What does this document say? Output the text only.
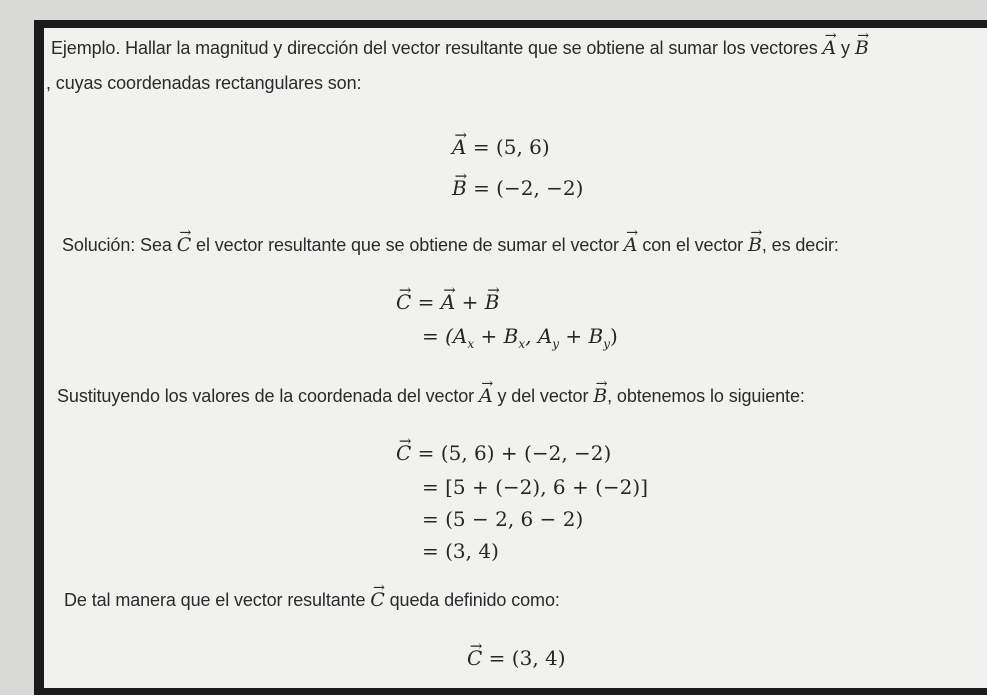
Ejemplo. Hallar la magnitud y dirección del vector resultante que se obtiene al sumar los vectores → A y → B
, cuyas coordenadas rectangulares son:
→ A = (5, 6)
→ B = (−2, −2)
Solución: Sea → C el vector resultante que se obtiene de sumar el vector → A con el vector → B, es decir:
→ C = → A + → B
= ($A_x + B_x$, $A_y + B_y$)
Sustituyendo los valores de la coordenada del vector → A y del vector → B, obtenemos lo siguiente:
→ C = (5, 6) + (−2, −2)
= [5 + (−2), 6 + (−2)]
= (5 − 2, 6 − 2)
= (3, 4)
De tal manera que el vector resultante → C queda definido como:
→ C = (3, 4)
